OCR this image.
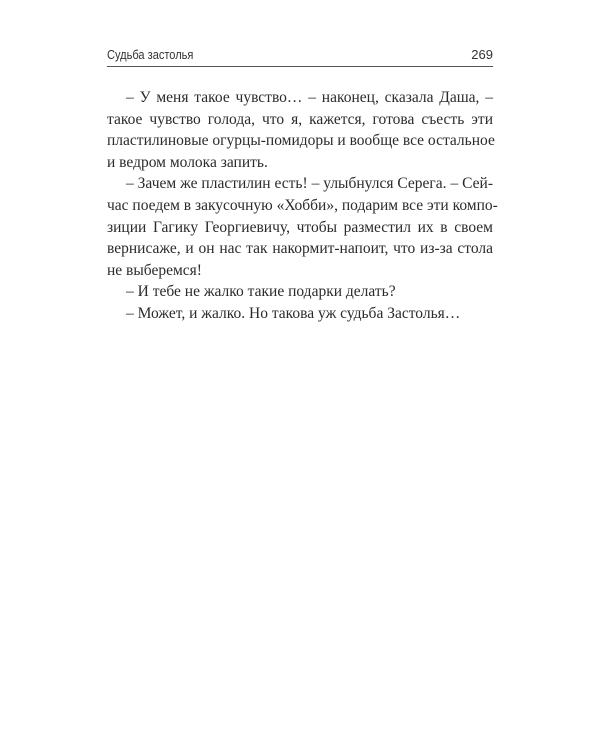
Судьба застолья	269
– У меня такое чувство… – наконец, сказала Даша, –
такое чувство голода, что я, кажется, готова съесть эти
пластилиновые огурцы-помидоры и вообще все остальное
и ведром молока запить.
– Зачем же пластилин есть! – улыбнулся Серега. – Сей-
час поедем в закусочную «Хобби», подарим все эти компо-
зиции Гагику Георгиевичу, чтобы разместил их в своем
вернисаже, и он нас так накормит-напоит, что из-за стола
не выберемся!
– И тебе не жалко такие подарки делать?
– Может, и жалко. Но такова уж судьба Застолья…
